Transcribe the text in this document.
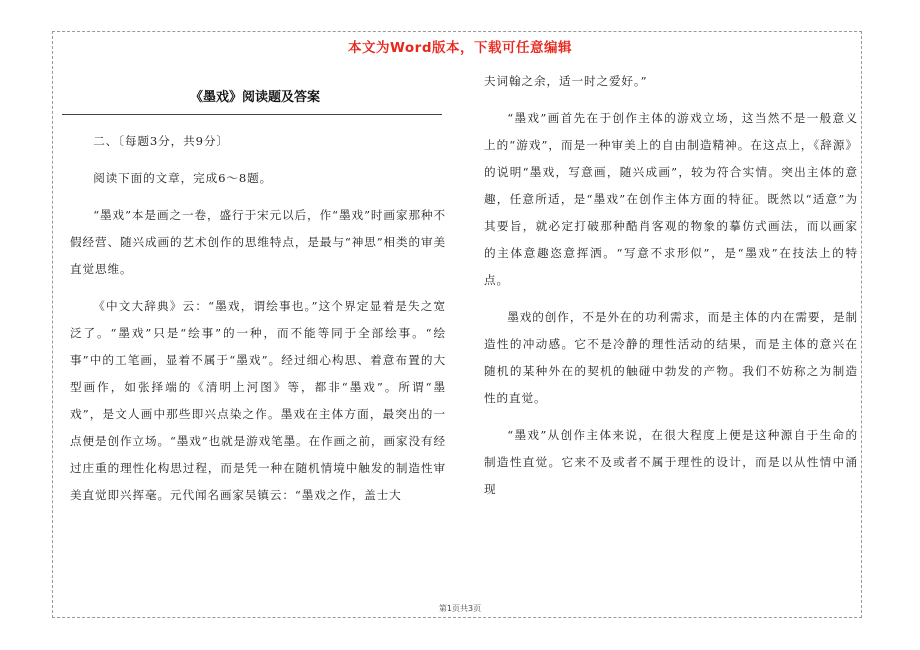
本文为Word版本，下载可任意编辑
《墨戏》阅读题及答案

二、〔每题3分，共9分〕

阅读下面的文章，完成6～8题。

“墨戏”本是画之一卷，盛行于宋元以后，作“墨戏”时画家那种不假经营、随兴成画的艺术创作的思维特点，是最与“神思”相类的审美直觉思维。

《中文大辞典》云：“墨戏，谓绘事也。”这个界定显着是失之宽泛了。“墨戏”只是“绘事”的一种，而不能等同于全部绘事。“绘事”中的工笔画，显着不属于“墨戏”。经过细心构思、着意布置的大型画作，如张择端的《清明上河图》等，都非“墨戏”。所谓“墨戏”，是文人画中那些即兴点染之作。墨戏在主体方面，最突出的一点便是创作立场。“墨戏”也就是游戏笔墨。在作画之前，画家没有经过庄重的理性化构思过程，而是凭一种在随机情境中触发的制造性审美直觉即兴挥毫。元代闻名画家吴镇云：“墨戏之作，盖士大

夫词翰之余，适一时之爱好。”

“墨戏”画首先在于创作主体的游戏立场，这当然不是一般意义上的“游戏”，而是一种审美上的自由制造精神。在这点上，《辞源》的说明“墨戏，写意画，随兴成画”，较为符合实情。突出主体的意趣，任意所适，是“墨戏”在创作主体方面的特征。既然以“适意”为其要旨，就必定打破那种酷肖客观的物象的摹仿式画法，而以画家的主体意趣恣意挥洒。“写意不求形似”，是“墨戏”在技法上的特点。

墨戏的创作，不是外在的功利需求，而是主体的内在需要，是制造性的冲动感。它不是冷静的理性活动的结果，而是主体的意兴在随机的某种外在的契机的触碰中勃发的产物。我们不妨称之为制造性的直觉。

“墨戏”从创作主体来说，在很大程度上便是这种源自于生命的制造性直觉。它来不及或者不属于理性的设计，而是以从性情中涌现

第1页共3页
